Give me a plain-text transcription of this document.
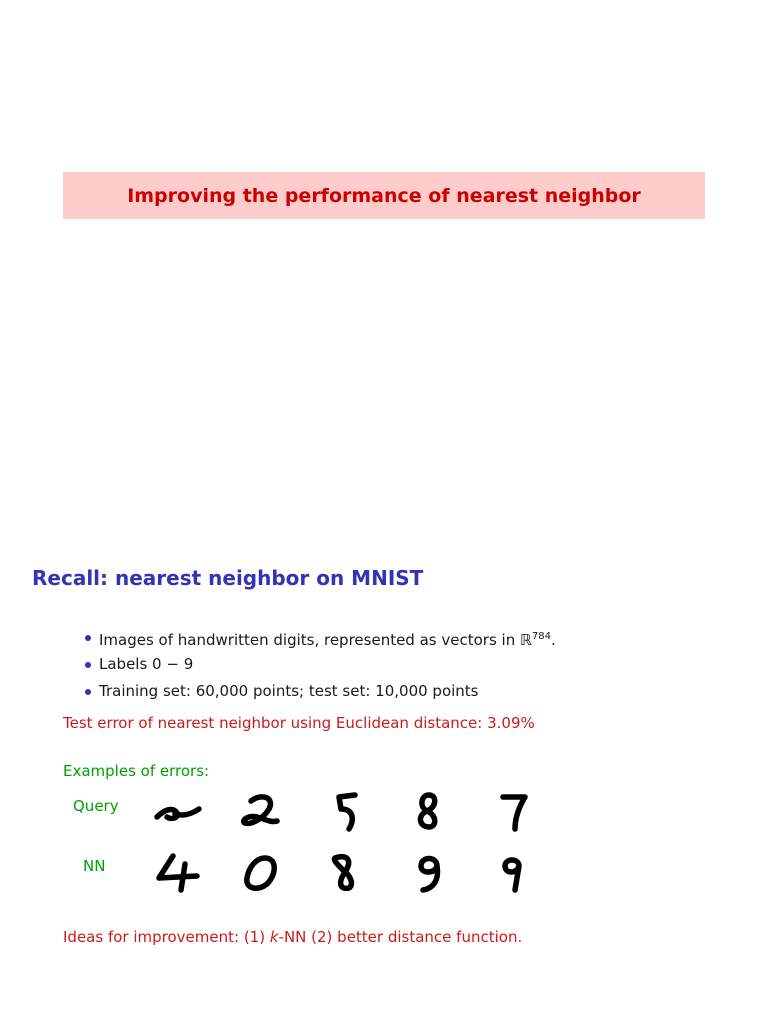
Improving the performance of nearest neighbor
Recall: nearest neighbor on MNIST
Images of handwritten digits, represented as vectors in ℝ$^{784}$.
Labels 0 − 9
Training set: 60,000 points; test set: 10,000 points
Test error of nearest neighbor using Euclidean distance: 3.09%
Examples of errors:
Query
NN
Ideas for improvement: (1) k-NN (2) better distance function.
